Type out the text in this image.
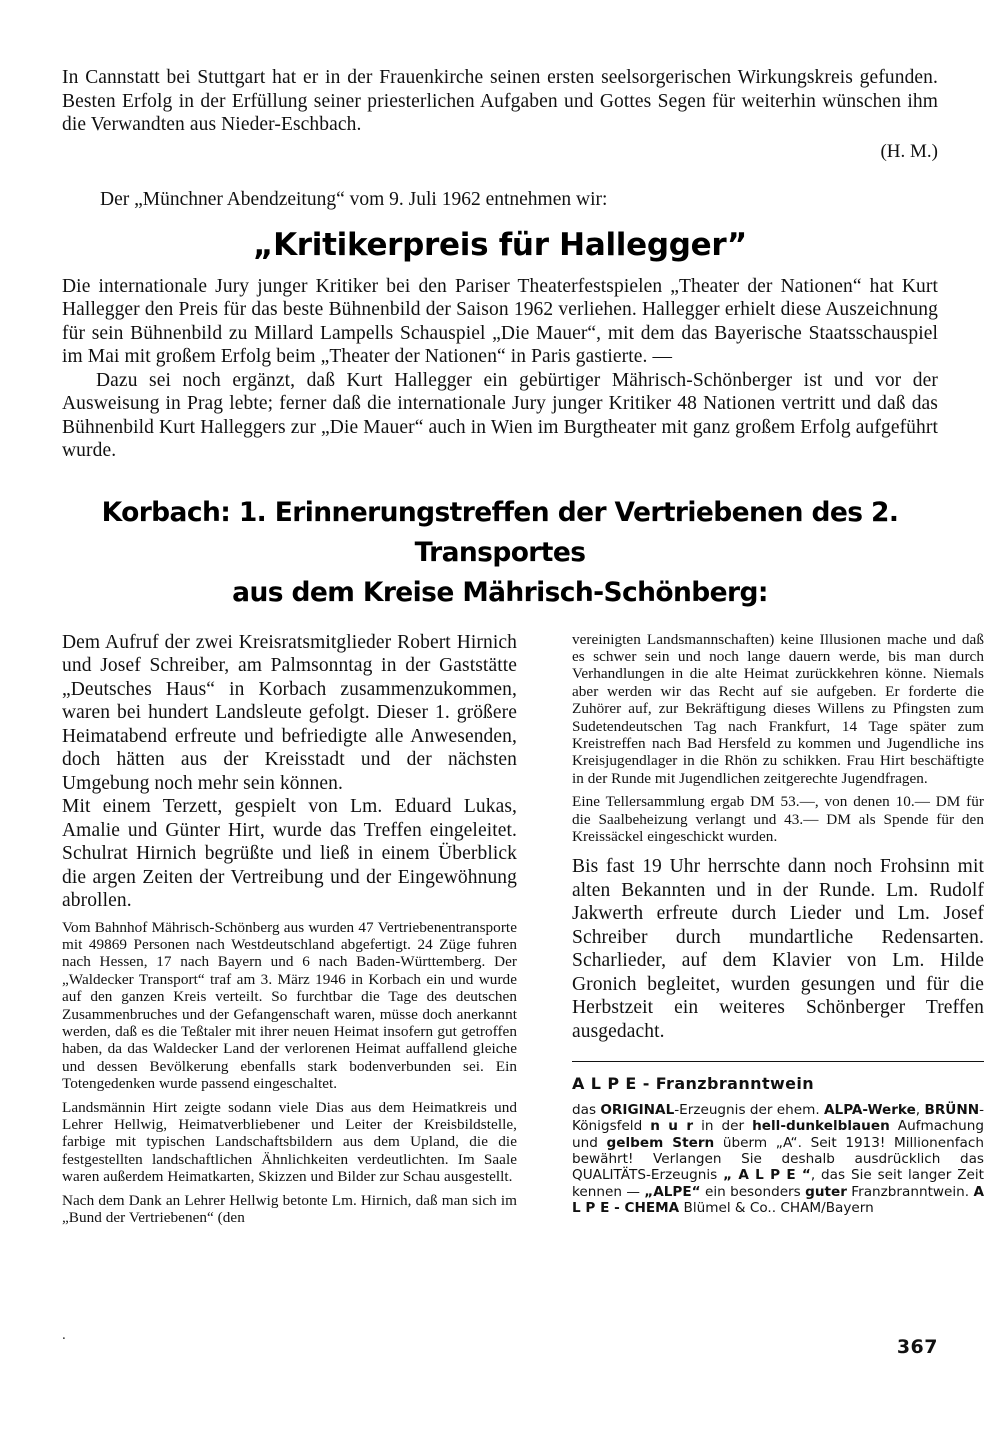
In Cannstatt bei Stuttgart hat er in der Frauenkirche seinen ersten seelsorgerischen Wirkungskreis gefunden. Besten Erfolg in der Erfüllung seiner priesterlichen Aufgaben und Gottes Segen für weiterhin wünschen ihm die Verwandten aus Nieder-Eschbach.

(H. M.)

Der „Münchner Abendzeitung“ vom 9. Juli 1962 entnehmen wir:

„Kritikerpreis für Hallegger”

Die internationale Jury junger Kritiker bei den Pariser Theaterfestspielen „Theater der Nationen“ hat Kurt Hallegger den Preis für das beste Bühnenbild der Saison 1962 verliehen. Hallegger erhielt diese Auszeichnung für sein Bühnenbild zu Millard Lampells Schauspiel „Die Mauer“, mit dem das Bayerische Staatsschauspiel im Mai mit großem Erfolg beim „Theater der Nationen“ in Paris gastierte. —

Dazu sei noch ergänzt, daß Kurt Hallegger ein gebürtiger Mährisch-Schönberger ist und vor der Ausweisung in Prag lebte; ferner daß die internationale Jury junger Kritiker 48 Nationen vertritt und daß das Bühnenbild Kurt Halleggers zur „Die Mauer“ auch in Wien im Burgtheater mit ganz großem Erfolg aufgeführt wurde.

Korbach: 1. Erinnerungstreffen der Vertriebenen des 2. Transportes
aus dem Kreise Mährisch-Schönberg:

Dem Aufruf der zwei Kreisratsmitglieder Robert Hirnich und Josef Schreiber, am Palmsonntag in der Gaststätte „Deutsches Haus“ in Korbach zusammenzukommen, waren bei hundert Landsleute gefolgt. Dieser 1. größere Heimatabend erfreute und befriedigte alle Anwesenden, doch hätten aus der Kreisstadt und der nächsten Umgebung noch mehr sein können.

Mit einem Terzett, gespielt von Lm. Eduard Lukas, Amalie und Günter Hirt, wurde das Treffen eingeleitet. Schulrat Hirnich begrüßte und ließ in einem Überblick die argen Zeiten der Vertreibung und der Eingewöhnung abrollen.

Vom Bahnhof Mährisch-Schönberg aus wurden 47 Vertriebenentransporte mit 49869 Personen nach Westdeutschland abgefertigt. 24 Züge fuhren nach Hessen, 17 nach Bayern und 6 nach Baden-Württemberg. Der „Waldecker Transport“ traf am 3. März 1946 in Korbach ein und wurde auf den ganzen Kreis verteilt. So furchtbar die Tage des deutschen Zusammenbruches und der Gefangenschaft waren, müsse doch anerkannt werden, daß es die Teßtaler mit ihrer neuen Heimat insofern gut getroffen haben, da das Waldecker Land der verlorenen Heimat auffallend gleiche und dessen Bevölkerung ebenfalls stark bodenverbunden sei. Ein Totengedenken wurde passend eingeschaltet.

Landsmännin Hirt zeigte sodann viele Dias aus dem Heimatkreis und Lehrer Hellwig, Heimatverbliebener und Leiter der Kreisbildstelle, farbige mit typischen Landschaftsbildern aus dem Upland, die die festgestellten landschaftlichen Ähnlichkeiten verdeutlichten. Im Saale waren außerdem Heimatkarten, Skizzen und Bilder zur Schau ausgestellt.

Nach dem Dank an Lehrer Hellwig betonte Lm. Hirnich, daß man sich im „Bund der Vertriebenen“ (den

vereinigten Landsmannschaften) keine Illusionen mache und daß es schwer sein und noch lange dauern werde, bis man durch Verhandlungen in die alte Heimat zurückkehren könne. Niemals aber werden wir das Recht auf sie aufgeben. Er forderte die Zuhörer auf, zur Bekräftigung dieses Willens zu Pfingsten zum Sudetendeutschen Tag nach Frankfurt, 14 Tage später zum Kreistreffen nach Bad Hersfeld zu kommen und Jugendliche ins Kreisjugendlager in die Rhön zu schikken. Frau Hirt beschäftigte in der Runde mit Jugendlichen zeitgerechte Jugendfragen.

Eine Tellersammlung ergab DM 53.—, von denen 10.— DM für die Saalbeheizung verlangt und 43.— DM als Spende für den Kreissäckel eingeschickt wurden.

Bis fast 19 Uhr herrschte dann noch Frohsinn mit alten Bekannten und in der Runde. Lm. Rudolf Jakwerth erfreute durch Lieder und Lm. Josef Schreiber durch mundartliche Redensarten. Scharlieder, auf dem Klavier von Lm. Hilde Gronich begleitet, wurden gesungen und für die Herbstzeit ein weiteres Schönberger Treffen ausgedacht.

A L P E - Franzbranntwein
das ORIGINAL-Erzeugnis der ehem. ALPA-Werke, BRÜNN-Königsfeld n u r in der hell-dunkelblauen Aufmachung und gelbem Stern überm „A“. Seit 1913! Millionenfach bewährt! Verlangen Sie deshalb ausdrücklich das QUALITÄTS-Erzeugnis „ A L P E “, das Sie seit langer Zeit kennen — „ALPE“ ein besonders guter Franzbranntwein. A L P E - CHEMA Blümel & Co.. CHAM/Bayern
.
367
